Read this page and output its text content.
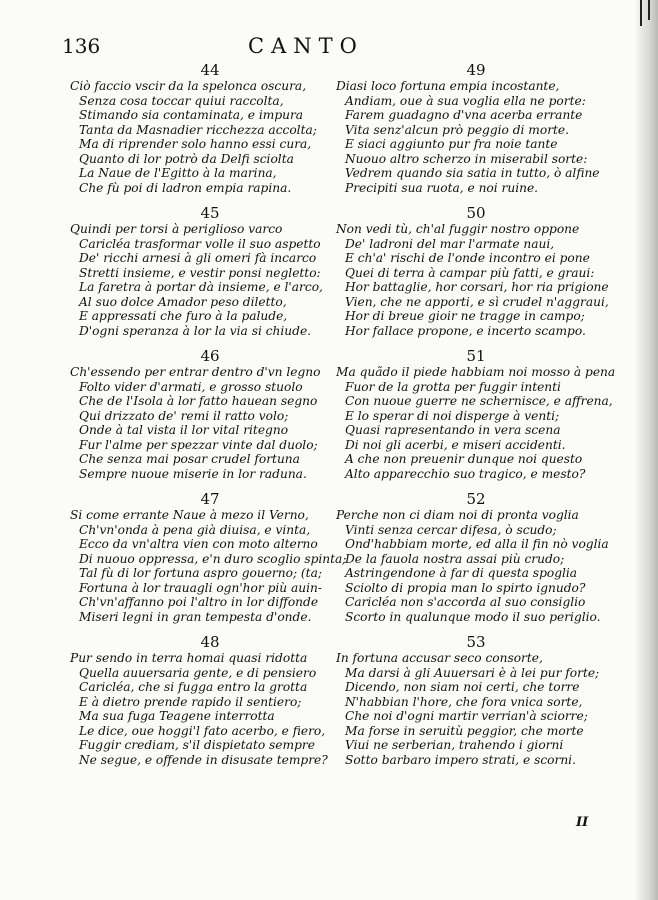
136	CANTO
44
Ciò faccio vscir da la spelonca oscura,
Senza cosa toccar quiui raccolta,
Stimando sia contaminata, e impura
Tanta da Masnadier ricchezza accolta;
Ma di riprender solo hanno essi cura,
Quanto di lor potrò da Delfi sciolta
La Naue de l'Egitto à la marina,
Che fù poi di ladron empia rapina.
45
Quindi per torsi à periglioso varco
Caricléa trasformar volle il suo aspetto
De' ricchi arnesi à gli omeri fà incarco
Stretti insieme, e vestir ponsi negletto:
La faretra à portar dà insieme, e l'arco,
Al suo dolce Amador peso diletto,
E appressati che furo à la palude,
D'ogni speranza à lor la via si chiude.
46
Ch'essendo per entrar dentro d'vn legno
Folto vider d'armati, e grosso stuolo
Che de l'Isola à lor fatto hauean segno
Qui drizzato de' remi il ratto volo;
Onde à tal vista il lor vital ritegno
Fur l'alme per spezzar vinte dal duolo;
Che senza mai posar crudel fortuna
Sempre nuoue miserie in lor raduna.
47
Si come errante Naue à mezo il Verno,
Ch'vn'onda à pena già diuisa, e vinta,
Ecco da vn'altra vien con moto alterno
Di nuouo oppressa, e'n duro scoglio spinta;
Tal fù di lor fortuna aspro gouerno; (ta;
Fortuna à lor trauagli ogn'hor più auin-
Ch'vn'affanno poi l'altro in lor diffonde
Miseri legni in gran tempesta d'onde.
48
Pur sendo in terra homai quasi ridotta
Quella auuersaria gente, e di pensiero
Caricléa, che si fugga entro la grotta
E à dietro prende rapido il sentiero;
Ma sua fuga Teagene interrotta
Le dice, oue hoggi'l fato acerbo, e fiero,
Fuggir crediam, s'il dispietato sempre
Ne segue, e offende in disusate tempre?
49
Diasi loco fortuna empia incostante,
Andiam, oue à sua voglia ella ne porte:
Farem guadagno d'vna acerba errante
Vita senz'alcun prò peggio di morte.
E siaci aggiunto pur fra noie tante
Nuouo altro scherzo in miserabil sorte:
Vedrem quando sia satia in tutto, ò alfine
Precipiti sua ruota, e noi ruine.
50
Non vedi tù, ch'al fuggir nostro oppone
De' ladroni del mar l'armate naui,
E ch'a' rischi de l'onde incontro ei pone
Quei di terra à campar più fatti, e graui:
Hor battaglie, hor corsari, hor ria prigione
Vien, che ne apporti, e sì crudel n'aggraui,
Hor di breue gioir ne tragge in campo;
Hor fallace propone, e incerto scampo.
51
Ma quãdo il piede habbiam noi mosso à pena
Fuor de la grotta per fuggir intenti
Con nuoue guerre ne schernisce, e affrena,
E lo sperar di noi disperge à venti;
Quasi rapresentando in vera scena
Di noi gli acerbi, e miseri accidenti.
A che non preuenir dunque noi questo
Alto apparecchio suo tragico, e mesto?
52
Perche non ci diam noi di pronta voglia
Vinti senza cercar difesa, ò scudo;
Ond'habbiam morte, ed alla il fin nò voglia
De la fauola nostra assai più crudo;
Astringendone à far di questa spoglia
Sciolto di propia man lo spirto ignudo?
Caricléa non s'accorda al suo consiglio
Scorto in qualunque modo il suo periglio.
53
In fortuna accusar seco consorte,
Ma darsi à gli Auuersari è à lei pur forte;
Dicendo, non siam noi certi, che torre
N'habbian l'hore, che fora vnica sorte,
Che noi d'ogni martir verrian'à sciorre;
Ma forse in seruitù peggior, che morte
Viui ne serberian, trahendo i giorni
Sotto barbaro impero strati, e scorni.
II
